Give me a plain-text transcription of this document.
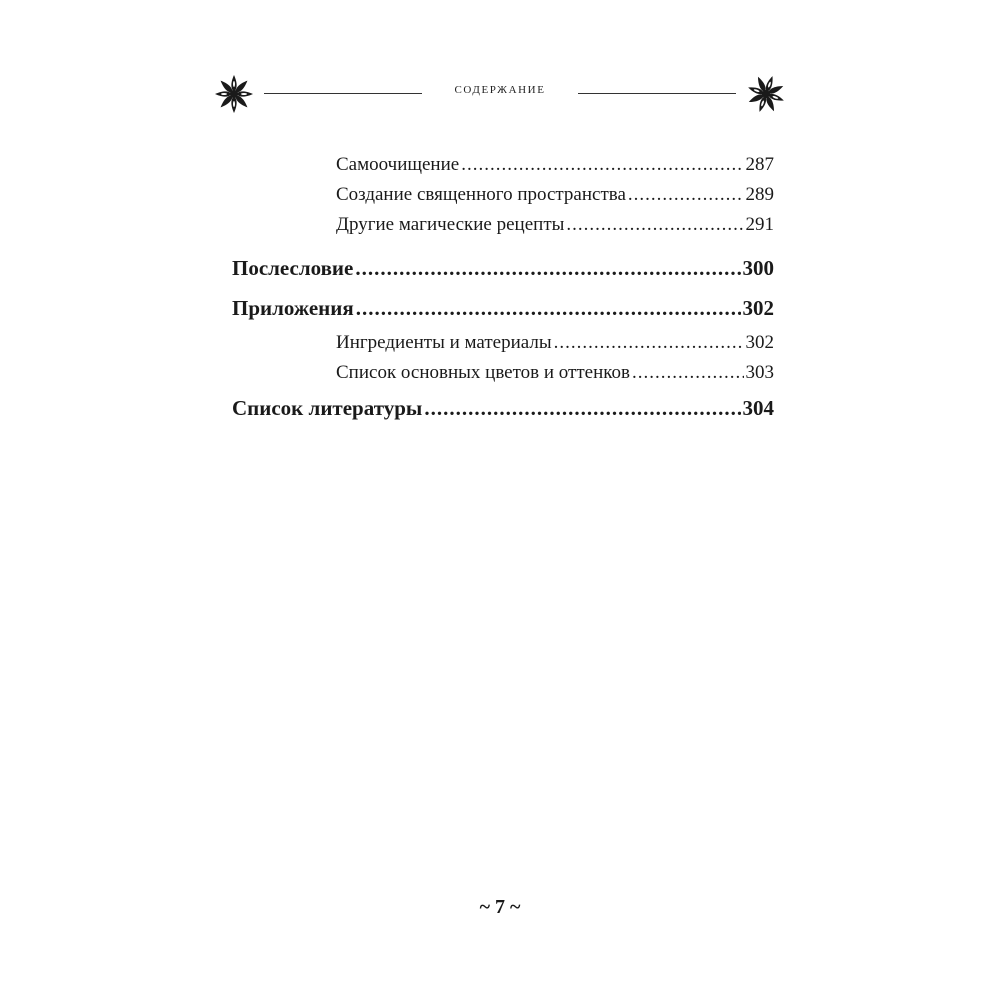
содержание
Самоочищение .....	287
Создание священного пространства .....	289
Другие магические рецепты .....	291
Послесловие .....	300
Приложения .....	302
Ингредиенты и материалы .....	302
Список основных цветов и оттенков .....	303
Список литературы .....	304
~ 7 ~
